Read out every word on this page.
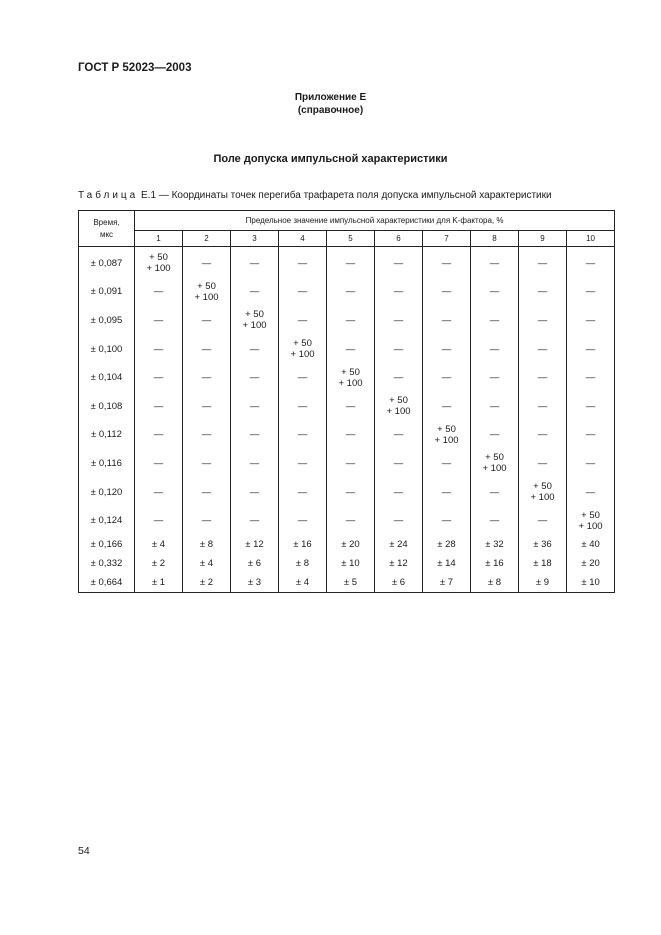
ГОСТ Р 52023—2003
Приложение Е
(справочное)
Поле допуска импульсной характеристики
Таблица Е.1 — Координаты точек перегиба трафарета поля допуска импульсной характеристики
Время,
мкс	Предельное значение импульсной характеристики для K-фактора, %									
	1	2	3	4	5	6	7	8	9	10
± 0,087	+ 50
+ 100	—	—	—	—	—	—	—	—	—
± 0,091	—	+ 50
+ 100	—	—	—	—	—	—	—	—
± 0,095	—	—	+ 50
+ 100	—	—	—	—	—	—	—
± 0,100	—	—	—	+ 50
+ 100	—	—	—	—	—	—
± 0,104	—	—	—	—	+ 50
+ 100	—	—	—	—	—
± 0,108	—	—	—	—	—	+ 50
+ 100	—	—	—	—
± 0,112	—	—	—	—	—	—	+ 50
+ 100	—	—	—
± 0,116	—	—	—	—	—	—	—	+ 50
+ 100	—	—
± 0,120	—	—	—	—	—	—	—	—	+ 50
+ 100	—
± 0,124	—	—	—	—	—	—	—	—	—	+ 50
+ 100

± 0,166	± 4	± 8	± 12	± 16	± 20	± 24	± 28	± 32	± 36	± 40
± 0,332	± 2	± 4	± 6	± 8	± 10	± 12	± 14	± 16	± 18	± 20
± 0,664	± 1	± 2	± 3	± 4	± 5	± 6	± 7	± 8	± 9	± 10
54
